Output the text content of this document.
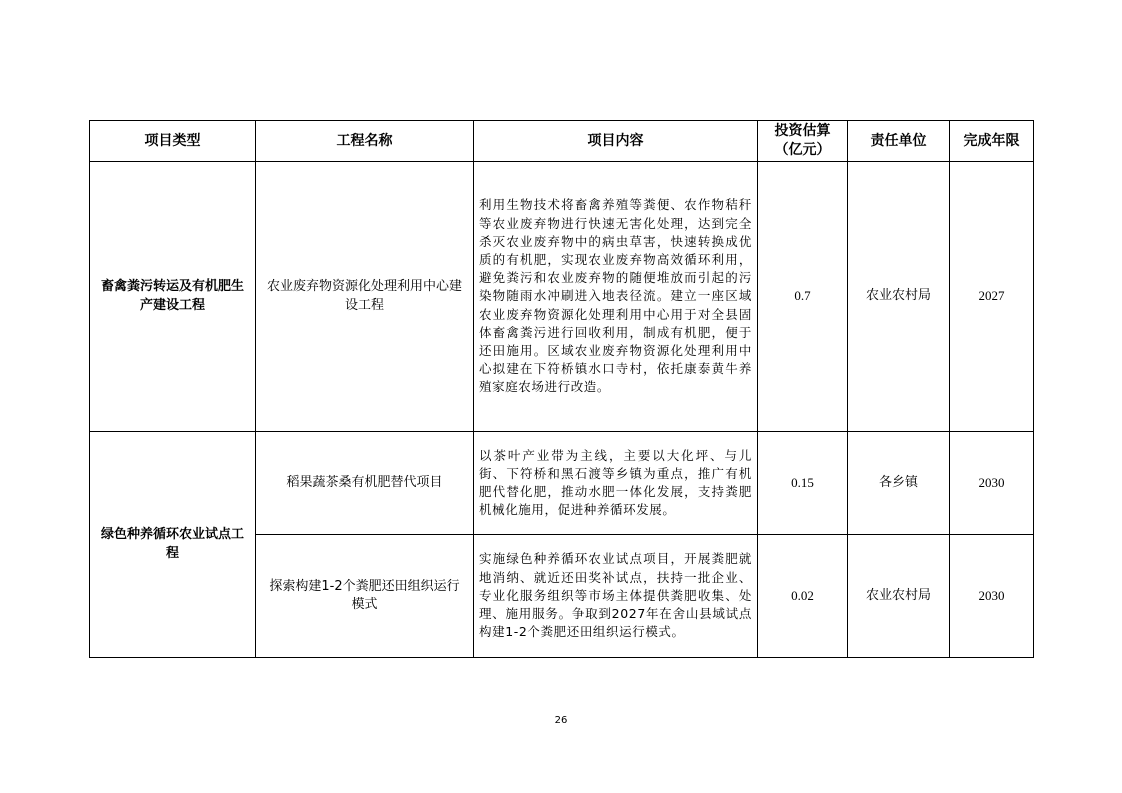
项目类型	工程名称	项目内容	投资估算
（亿元）	责任单位	完成年限
畜禽粪污转运及有机肥生产建设工程	农业废弃物资源化处理利用中心建设工程	利用生物技术将畜禽养殖等粪便、农作物秸秆等农业废弃物进行快速无害化处理，达到完全杀灭农业废弃物中的病虫草害，快速转换成优质的有机肥，实现农业废弃物高效循环利用，避免粪污和农业废弃物的随便堆放而引起的污染物随雨水冲刷进入地表径流。建立一座区域农业废弃物资源化处理利用中心用于对全县固体畜禽粪污进行回收利用，制成有机肥，便于还田施用。区域农业废弃物资源化处理利用中心拟建在下符桥镇水口寺村，依托康泰黄牛养殖家庭农场进行改造。	0.7	农业农村局	2027
绿色种养循环农业试点工程	稻果蔬茶桑有机肥替代项目	以茶叶产业带为主线，主要以大化坪、与儿街、下符桥和黑石渡等乡镇为重点，推广有机肥代替化肥，推动水肥一体化发展，支持粪肥机械化施用，促进种养循环发展。	0.15	各乡镇	2030
	探索构建1-2个粪肥还田组织运行模式	实施绿色种养循环农业试点项目，开展粪肥就地消纳、就近还田奖补试点，扶持一批企业、专业化服务组织等市场主体提供粪肥收集、处理、施用服务。争取到2027年在舍山县域试点构建1-2个粪肥还田组织运行模式。	0.02	农业农村局	2030
26
